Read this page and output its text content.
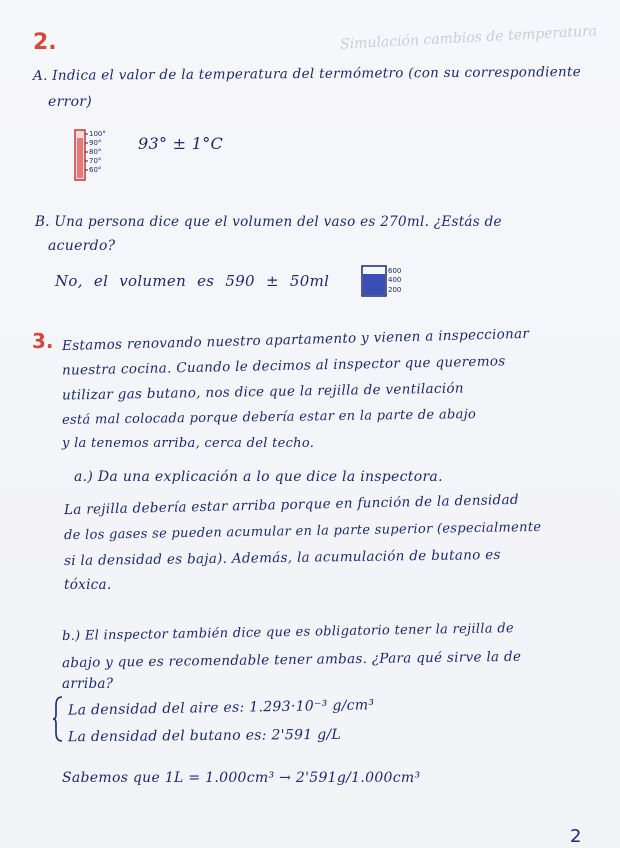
Simulación cambios de temperatura
2.
A. Indica el valor de la temperatura del termómetro (con su correspondiente
error)
100°
90°
80°
70°
60°
93° ± 1°C
B. Una persona dice que el volumen del vaso es 270ml. ¿Estás de
acuerdo?
No, el volumen es 590 ± 50ml
600
400
200
3. Estamos renovando nuestro apartamento y vienen a inspeccionar
nuestra cocina. Cuando le decimos al inspector que queremos
utilizar gas butano, nos dice que la rejilla de ventilación
está mal colocada porque debería estar en la parte de abajo
y la tenemos arriba, cerca del techo.
a.) Da una explicación a lo que dice la inspectora.
La rejilla debería estar arriba porque en función de la densidad
de los gases se pueden acumular en la parte superior (especialmente
si la densidad es baja). Además, la acumulación de butano es
tóxica.
b.) El inspector también dice que es obligatorio tener la rejilla de
abajo y que es recomendable tener ambas. ¿Para qué sirve la de
arriba?
La densidad del aire es: 1.293·10⁻³ g/cm³
La densidad del butano es: 2'591 g/L
Sabemos que 1L = 1.000cm³ → 2'591g/1.000cm³
2
